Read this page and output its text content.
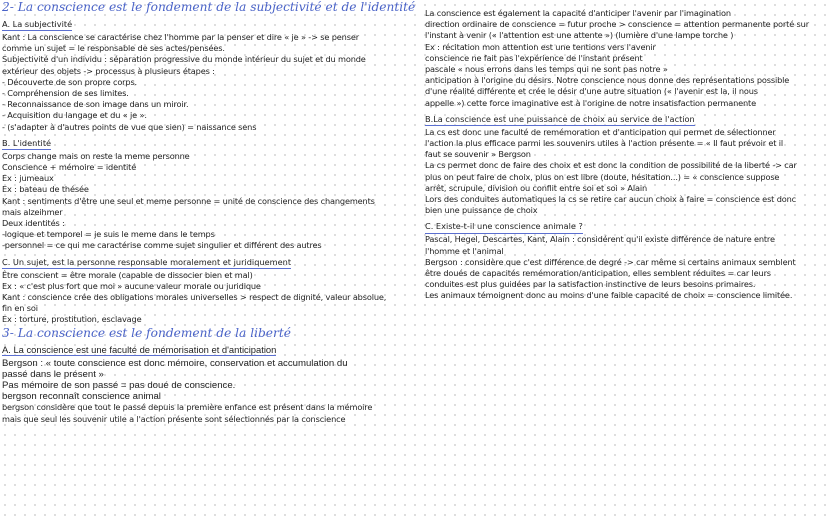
2- La conscience est le fondement de la subjectivité et de l'identité
A. La subjectivité
Kant : La conscience se caractérise chez l'homme par la penser et dire « je » -> se penser
comme un sujet = le responsable de ses actes/pensées.
Subjectivité d'un individu : séparation progressive du monde intérieur du sujet et du monde
extérieur des objets -> processus à plusieurs étapes :
- Découverte de son propre corps.
- Compréhension de ses limites.
- Reconnaissance de son image dans un miroir.
- Acquisition du langage et du « je ».
- (s'adapter à d'autres points de vue que sien) = naissance sens
B. L'identité
Corps change mais on reste la meme personne
Conscience + mémoire = identité
Ex : jumeaux
Ex : bateau de thésée
Kant : sentiments d'être une seul et meme personne = unité de conscience des changements
mais alzeihmer
Deux identités :
-logique et temporel = je suis le meme dans le temps
-personnel = ce qui me caractérise comme sujet singulier et différent des autres
C. Un sujet, est la personne responsable moralement et juridiquement
Être conscient = être morale (capable de dissocier bien et mal)
Ex : « c'est plus fort que moi » aucune valeur morale ou juridique
Kant : conscience crée des obligations morales universelles > respect de dignité, valeur absolue,
fin en soi
Ex : torture, prostitution, esclavage
3- La conscience est le fondement de la liberté
A. La conscience est une faculté de mémorisation et d'anticipation
Bergson : « toute conscience est donc mémoire, conservation et accumulation du
passé dans le présent »
Pas mémoire de son passé = pas doué de conscience.
bergson reconnaît conscience animal
bergson considère que tout le passé depuis la première enfance est présent dans la mémoire
mais que seul les souvenir utile a l'action présente sont sélectionnés par la conscience
La conscience est également la capacité d'anticiper l'avenir par l'imagination
direction ordinaire de conscience = futur proche > conscience = attention permanente porté sur
l'instant à venir (« l'attention est une attente ») (lumière d'une lampe torche )
Ex : récitation mon attention est une tentions vers l'avenir
conscience ne fait pas l'expérience de l'instant présent
pascale « nous errons dans les temps qui ne sont pas notre »
anticipation à l'origine du désirs. Notre conscience nous donne des représentations possible
d'une réalité différente et crée le désir d'une autre situation (« l'avenir est la, il nous
appelle ») cette force imaginative est à l'origine de notre insatisfaction permanente
B.La conscience est une puissance de choix au service de l'action
La cs est donc une faculté de remémoration et d'anticipation qui permet de sélectionner
l'action la plus efficace parmi les souvenirs utiles à l'action présente = « Il faut prévoir et il
faut se souvenir » Bergson
La cs permet donc de faire des choix et est donc la condition de possibilité de la liberté -> car
plus on peut faire de choix, plus on est libre (doute, hésitation...) = « conscience suppose
arrêt, scrupule, division ou conflit entre soi et soi » Alain
Lors des conduites automatiques la cs se retire car aucun choix à faire = conscience est donc
bien une puissance de choix
C. Existe-t-il une conscience animale ?
Pascal, Hegel, Descartes, Kant, Alain : considérent qu'il existe différence de nature entre
l'homme et l'animal
Bergson : considère que c'est différence de degré -> car même si certains animaux semblent
être doués de capacités remémoration/anticipation, elles semblent réduites = car leurs
conduites est plus guidées par la satisfaction instinctive de leurs besoins primaires.
Les animaux témoignent donc au moins d'une faible capacité de choix = conscience limitée.
